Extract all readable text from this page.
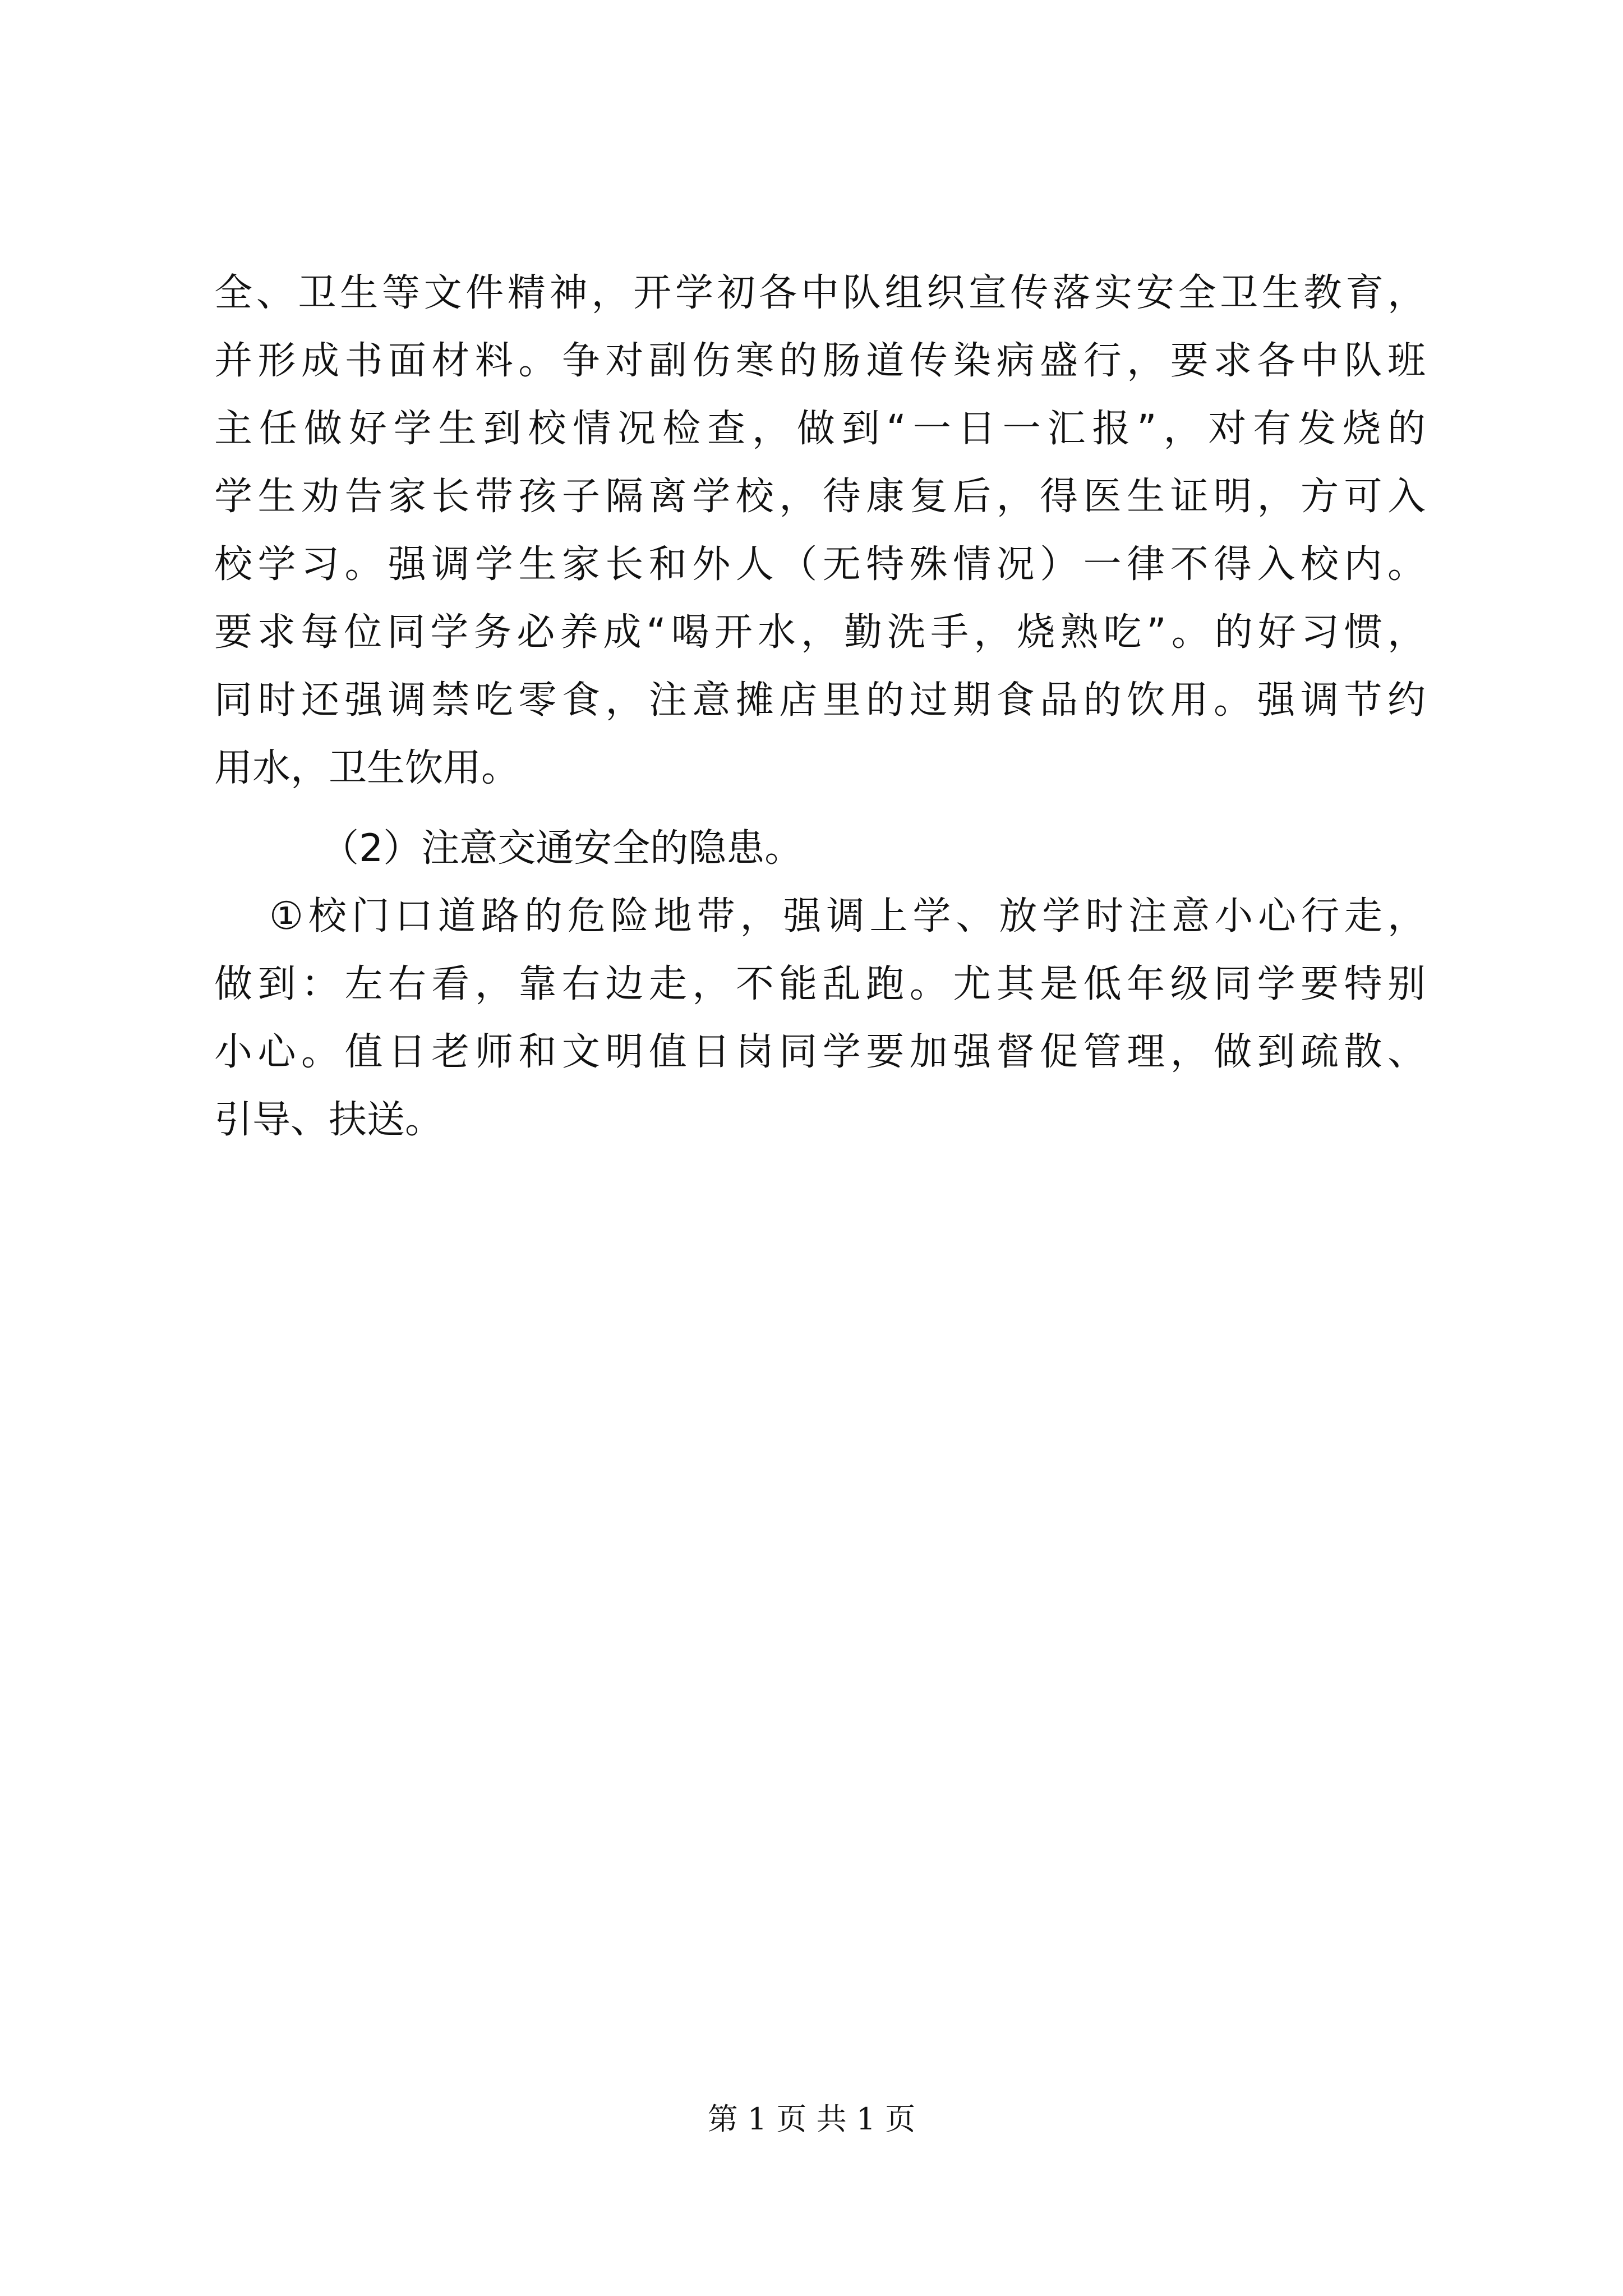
全、卫生等文件精神，开学初各中队组织宣传落实安全卫生教育，
并形成书面材料。争对副伤寒的肠道传染病盛行，要求各中队班
主任做好学生到校情况检查，做到“一日一汇报”，对有发烧的
学生劝告家长带孩子隔离学校，待康复后，得医生证明，方可入
校学习。强调学生家长和外人（无特殊情况）一律不得入校内。
要求每位同学务必养成“喝开水，勤洗手，烧熟吃”。的好习惯，
同时还强调禁吃零食，注意摊店里的过期食品的饮用。强调节约
用水，卫生饮用。
（2）注意交通安全的隐患。
①校门口道路的危险地带，强调上学、放学时注意小心行走，
做到：左右看，靠右边走，不能乱跑。尤其是低年级同学要特别
小心。值日老师和文明值日岗同学要加强督促管理，做到疏散、
引导、扶送。
第 1 页 共 1 页
